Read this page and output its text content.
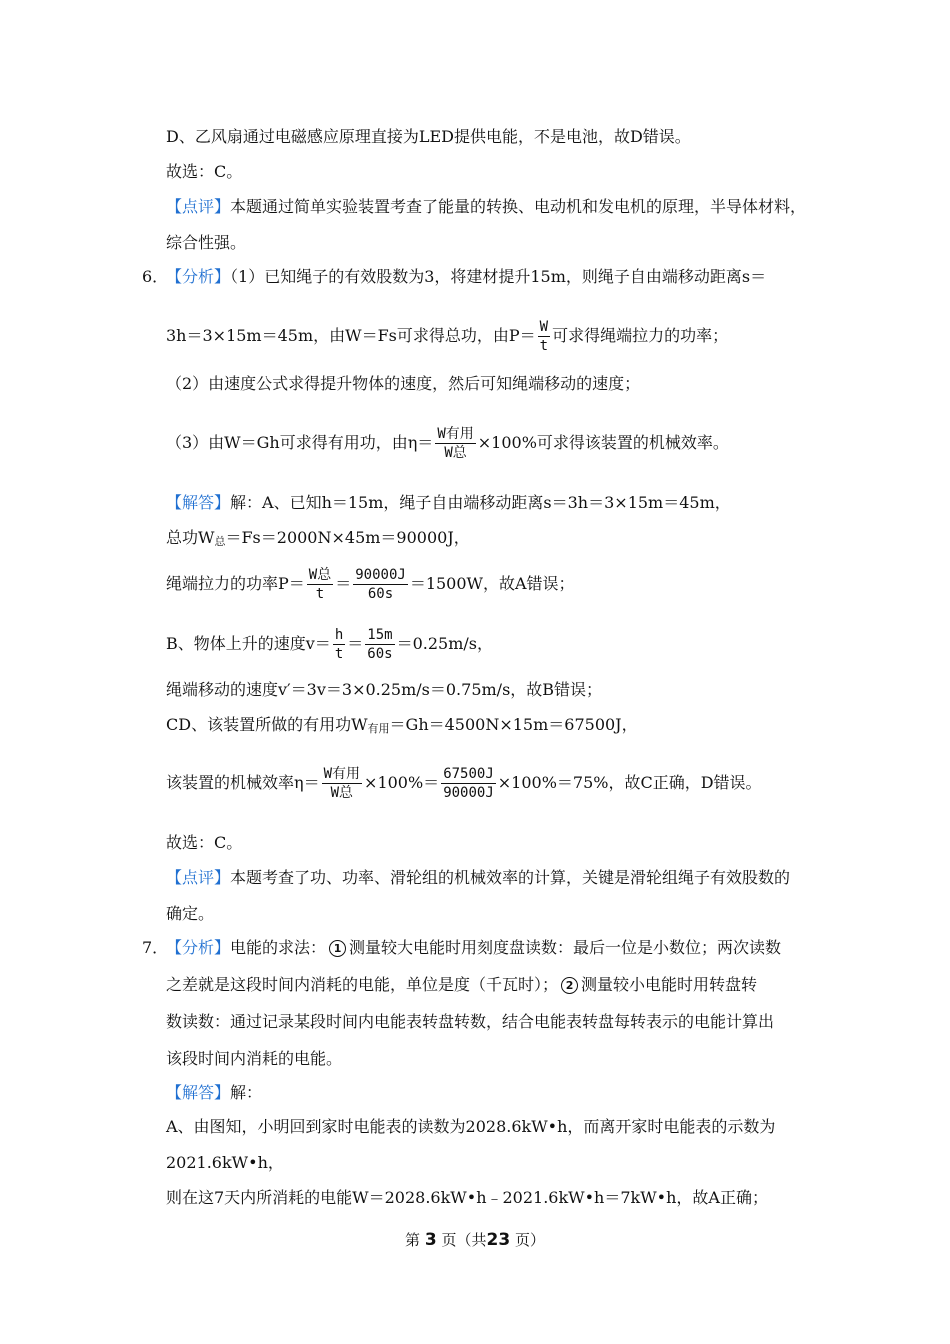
D、乙风扇通过电磁感应原理直接为LED提供电能，不是电池，故D错误。
故选：C。
【点评】本题通过简单实验装置考查了能量的转换、电动机和发电机的原理，半导体材料，
综合性强。
6．
【分析】（1）已知绳子的有效股数为3，将建材提升15m，则绳子自由端移动距离s＝
3h＝3×15m＝45m，由W＝Fs可求得总功，由$P= \frac{W}{t}$ 可求得绳端拉力的功率；
（2）由速度公式求得提升物体的速度，然后可知绳端移动的速度；
（3）由W＝Gh可求得有用功，由$\eta= \frac{\text{W有用}}{\text{W总}} \times 100\%$可求得该装置的机械效率。
【解答】解：A、已知h＝15m，绳子自由端移动距离s＝3h＝3×15m＝45m，
总功W总＝Fs＝2000N×45m＝90000J，
绳端拉力的功率$P= \frac{\text{W总}}{t} = \frac{90000J}{60s} =1500W$，故A错误；
B、物体上升的速度$v= \frac{h}{t} = \frac{15m}{60s} =0.25m/s$，
绳端移动的速度v′＝3v＝3×0.25m/s＝0.75m/s，故B错误；
CD、该装置所做的有用功W有用＝Gh＝4500N×15m＝67500J，
该装置的机械效率$\eta= \frac{\text{W有用}}{\text{W总}} \times 100\%= \frac{67500J}{90000J} \times 100\%=75\%$，故C正确，D错误。
故选：C。
【点评】本题考查了功、功率、滑轮组的机械效率的计算，关键是滑轮组绳子有效股数的
确定。
7．
【分析】电能的求法： 1 测量较大电能时用刻度盘读数：最后一位是小数位；两次读数
之差就是这段时间内消耗的电能，单位是度（千瓦时）； 2 测量较小电能时用转盘转
数读数：通过记录某段时间内电能表转盘转数，结合电能表转盘每转表示的电能计算出
该段时间内消耗的电能。
【解答】解：
A、由图知，小明回到家时电能表的读数为2028.6kW•h，而离开家时电能表的示数为
2021.6kW•h，
则在这7天内所消耗的电能W＝2028.6kW•h﹣2021.6kW•h＝7kW•h，故A正确；
第 3 页（共23 页）
